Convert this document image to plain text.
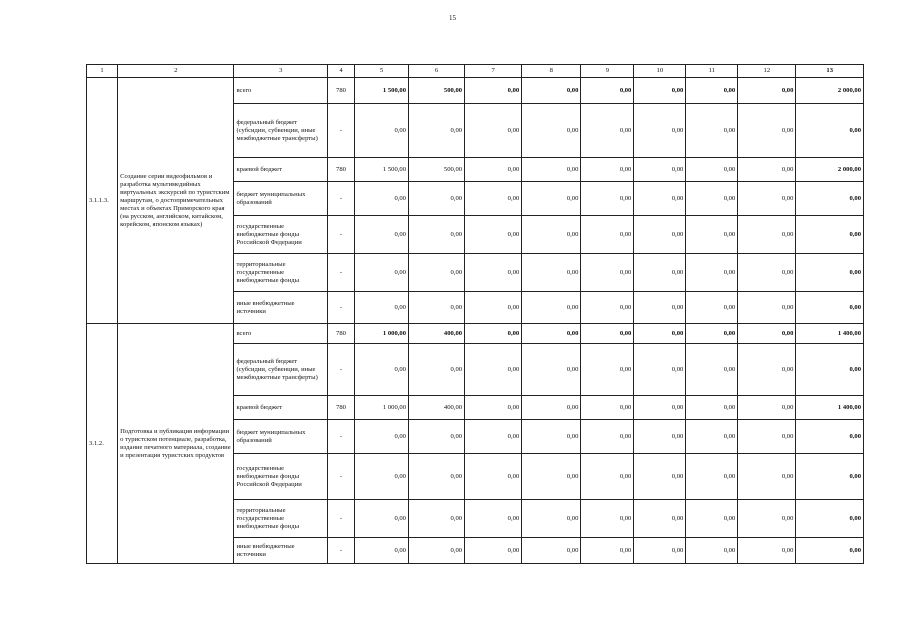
15
1	2	3	4	5	6	7	8	9	10	11	12	13
3.1.1.3.	Создание серии видеофильмов и разработка мультимедийных виртуальных экскурсий по туристским маршрутам, о достопримечательных местах и объектах Приморского края (на русском, английском, китайском, корейском, японском языках)	всего	780	1 500,00	500,00	0,00	0,00	0,00	0,00	0,00	0,00	2 000,00
		федеральный бюджет (субсидии, субвенции, иные межбюджетные трансферты)	-	0,00	0,00	0,00	0,00	0,00	0,00	0,00	0,00	0,00
		краевой бюджет	780	1 500,00	500,00	0,00	0,00	0,00	0,00	0,00	0,00	2 000,00
		бюджет муниципальных образований	-	0,00	0,00	0,00	0,00	0,00	0,00	0,00	0,00	0,00
		государственные внебюджетные фонды Российской Федерации	-	0,00	0,00	0,00	0,00	0,00	0,00	0,00	0,00	0,00
		территориальные государственные внебюджетные фонды	-	0,00	0,00	0,00	0,00	0,00	0,00	0,00	0,00	0,00
		иные внебюджетные источники	-	0,00	0,00	0,00	0,00	0,00	0,00	0,00	0,00	0,00
3.1.2.	Подготовка и публикация информации о туристском потенциале, разработка, издание печатного материала, создание и презентация туристских продуктов	всего	780	1 000,00	400,00	0,00	0,00	0,00	0,00	0,00	0,00	1 400,00
		федеральный бюджет (субсидии, субвенции, иные межбюджетные трансферты)	-	0,00	0,00	0,00	0,00	0,00	0,00	0,00	0,00	0,00
		краевой бюджет	780	1 000,00	400,00	0,00	0,00	0,00	0,00	0,00	0,00	1 400,00
		бюджет муниципальных образований	-	0,00	0,00	0,00	0,00	0,00	0,00	0,00	0,00	0,00
		государственные внебюджетные фонды Российской Федерации	-	0,00	0,00	0,00	0,00	0,00	0,00	0,00	0,00	0,00
		территориальные государственные внебюджетные фонды	-	0,00	0,00	0,00	0,00	0,00	0,00	0,00	0,00	0,00
		иные внебюджетные источники	-	0,00	0,00	0,00	0,00	0,00	0,00	0,00	0,00	0,00
